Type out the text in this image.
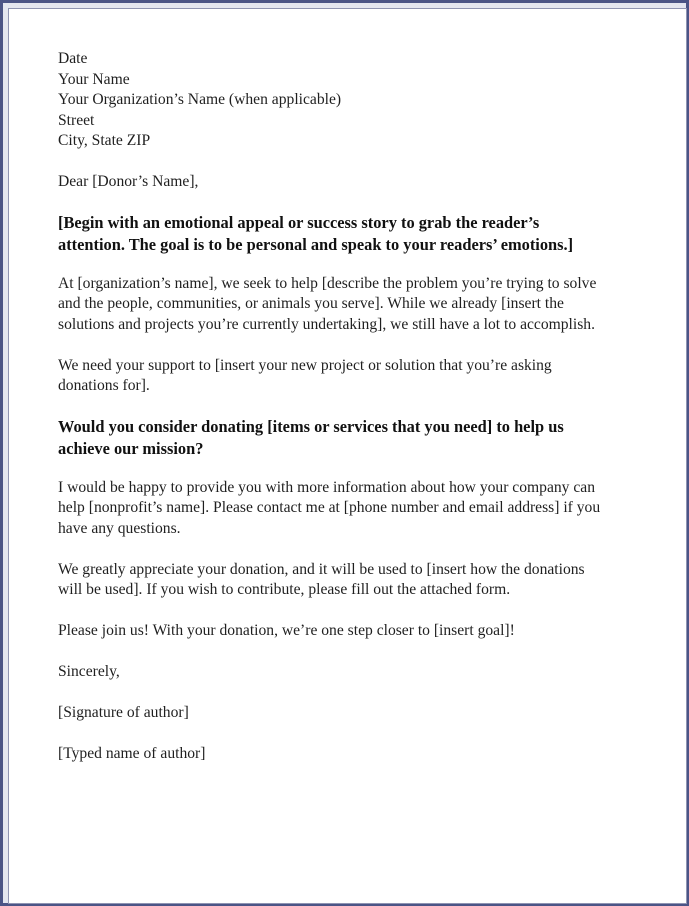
Date
Your Name
Your Organization’s Name (when applicable)
Street
City, State ZIP
Dear [Donor’s Name],
[Begin with an emotional appeal or success story to grab the reader’s
attention. The goal is to be personal and speak to your readers’ emotions.]
At [organization’s name], we seek to help [describe the problem you’re trying to solve
and the people, communities, or animals you serve]. While we already [insert the
solutions and projects you’re currently undertaking], we still have a lot to accomplish.
We need your support to [insert your new project or solution that you’re asking
donations for].
Would you consider donating [items or services that you need] to help us
achieve our mission?
I would be happy to provide you with more information about how your company can
help [nonprofit’s name]. Please contact me at [phone number and email address] if you
have any questions.
We greatly appreciate your donation, and it will be used to [insert how the donations
will be used]. If you wish to contribute, please fill out the attached form.
Please join us! With your donation, we’re one step closer to [insert goal]!
Sincerely,
[Signature of author]
[Typed name of author]
